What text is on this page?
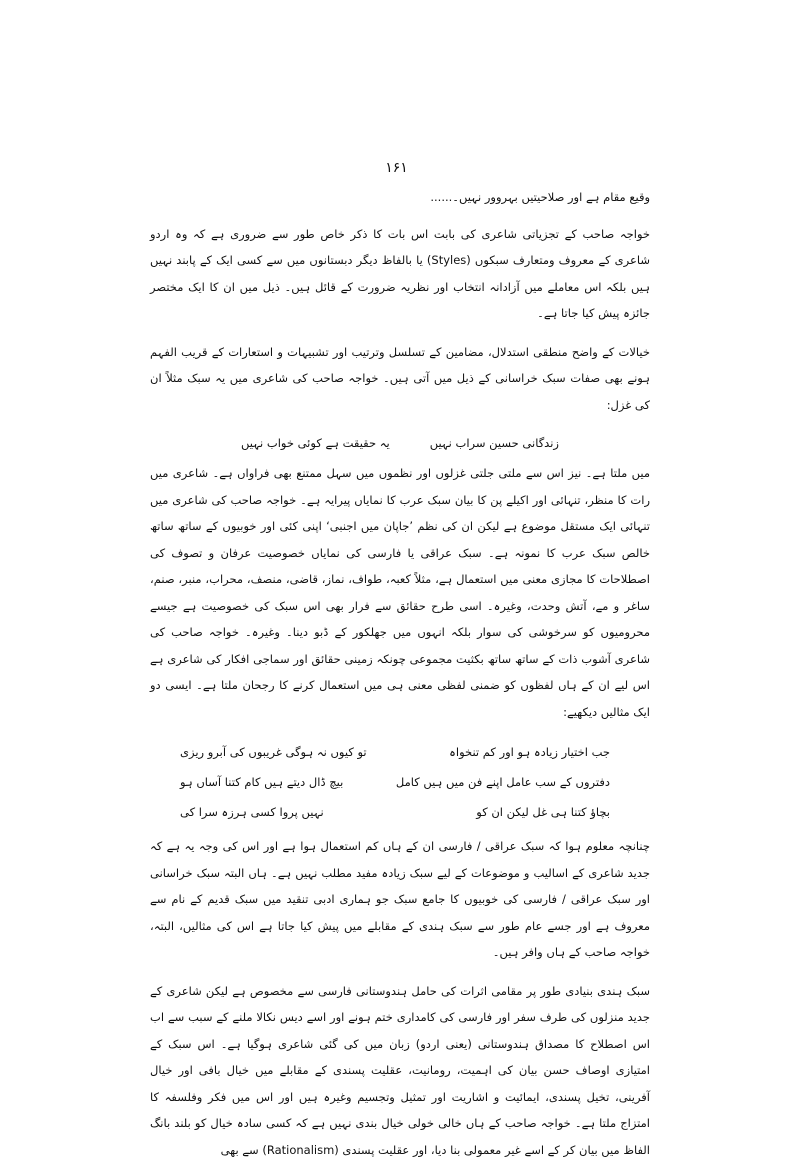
۱۶۱

وقیع مقام ہے اور صلاحیتیں بہروور نہیں۔......

خواجہ صاحب کے تجزیاتی شاعری کی بابت اس بات کا ذکر خاص طور سے ضروری ہے کہ وہ اردو شاعری کے معروف ومتعارف سبکوں (Styles) یا بالفاظ دیگر دبستانوں میں سے کسی ایک کے پابند نہیں ہیں بلکہ اس معاملے میں آزادانہ انتخاب اور نظریہ ضرورت کے قائل ہیں۔ ذیل میں ان کا ایک مختصر جائزہ پیش کیا جاتا ہے۔

خیالات کے واضح منطقی استدلال، مضامین کے تسلسل وترتیب اور تشبیہات و استعارات کے قریب الفہم ہونے بھی صفات سبک خراسانی کے ذیل میں آتی ہیں۔ خواجہ صاحب کی شاعری میں یہ سبک مثلاً ان کی غزل:

زندگانی حسین سراب نہیں
یہ حقیقت ہے کوئی خواب نہیں

میں ملتا ہے۔ نیز اس سے ملتی جلتی غزلوں اور نظموں میں سہل ممتنع بھی فراواں ہے۔ شاعری میں رات کا منظر، تنہائی اور اکیلے پن کا بیان سبک عرب کا نمایاں پیرایہ ہے۔ خواجہ صاحب کی شاعری میں تنہائی ایک مستقل موضوع ہے لیکن ان کی نظم ’جاپان میں اجنبی‘ اپنی کئی اور خوبیوں کے ساتھ ساتھ خالص سبک عرب کا نمونہ ہے۔ سبک عراقی یا فارسی کی نمایاں خصوصیت عرفان و تصوف کی اصطلاحات کا مجازی معنی میں استعمال ہے، مثلاً کعبہ، طواف، نماز، قاضی، منصف، محراب، منبر، صنم، ساغر و مے، آتش وحدت، وغیرہ۔ اسی طرح حقائق سے فرار بھی اس سبک کی خصوصیت ہے جیسے محرومیوں کو سرخوشی کی سوار بلکہ انہوں میں جھلکور کے ڈبو دینا۔ وغیرہ۔ خواجہ صاحب کی شاعری آشوب ذات کے ساتھ ساتھ بکثیت مجموعی چونکہ زمینی حقائق اور سماجی افکار کی شاعری ہے اس لیے ان کے ہاں لفظوں کو ضمنی لفظی معنی ہی میں استعمال کرنے کا رجحان ملتا ہے۔ ایسی دو ایک مثالیں دیکھیے:

جب اختیار زیادہ ہو اور کم تنخواہ
تو کیوں نہ ہوگی غریبوں کی آبرو ریزی
دفتروں کے سب عامل اپنے فن میں ہیں کامل
بیچ ڈال دیتے ہیں کام کتنا آساں ہو
بچاؤ کتنا ہی غل لیکن ان کو
نہیں پروا کسی ہرزہ سرا کی

چنانچہ معلوم ہوا کہ سبک عراقی / فارسی ان کے ہاں کم استعمال ہوا ہے اور اس کی وجہ یہ ہے کہ جدید شاعری کے اسالیب و موضوعات کے لیے سبک زیادہ مفید مطلب نہیں ہے۔ ہاں البتہ سبک خراسانی اور سبک عراقی / فارسی کی خوبیوں کا جامع سبک جو ہماری ادبی تنقید میں سبک قدیم کے نام سے معروف ہے اور جسے عام طور سے سبک ہندی کے مقابلے میں پیش کیا جاتا ہے اس کی مثالیں، البتہ، خواجہ صاحب کے ہاں وافر ہیں۔

سبک ہندی بنیادی طور پر مقامی اثرات کی حامل ہندوستانی فارسی سے مخصوص ہے لیکن شاعری کے جدید منزلوں کی طرف سفر اور فارسی کی کامداری ختم ہونے اور اسے دیس نکالا ملنے کے سبب سے اب اس اصطلاح کا مصداق ہندوستانی (یعنی اردو) زبان میں کی گئی شاعری ہوگیا ہے۔ اس سبک کے امتیازی اوصاف حسن بیان کی اہمیت، رومانیت، عقلیت پسندی کے مقابلے میں خیال بافی اور خیال آفرینی، تخیل پسندی، ایمائیت و اشاریت اور تمثیل وتجسیم وغیرہ ہیں اور اس میں فکر وفلسفہ کا امتزاج ملتا ہے۔ خواجہ صاحب کے ہاں خالی خولی خیال بندی نہیں ہے کہ کسی سادہ خیال کو بلند بانگ الفاظ میں بیان کر کے اسے غیر معمولی بنا دیا، اور عقلیت پسندی (Rationalism) سے بھی
